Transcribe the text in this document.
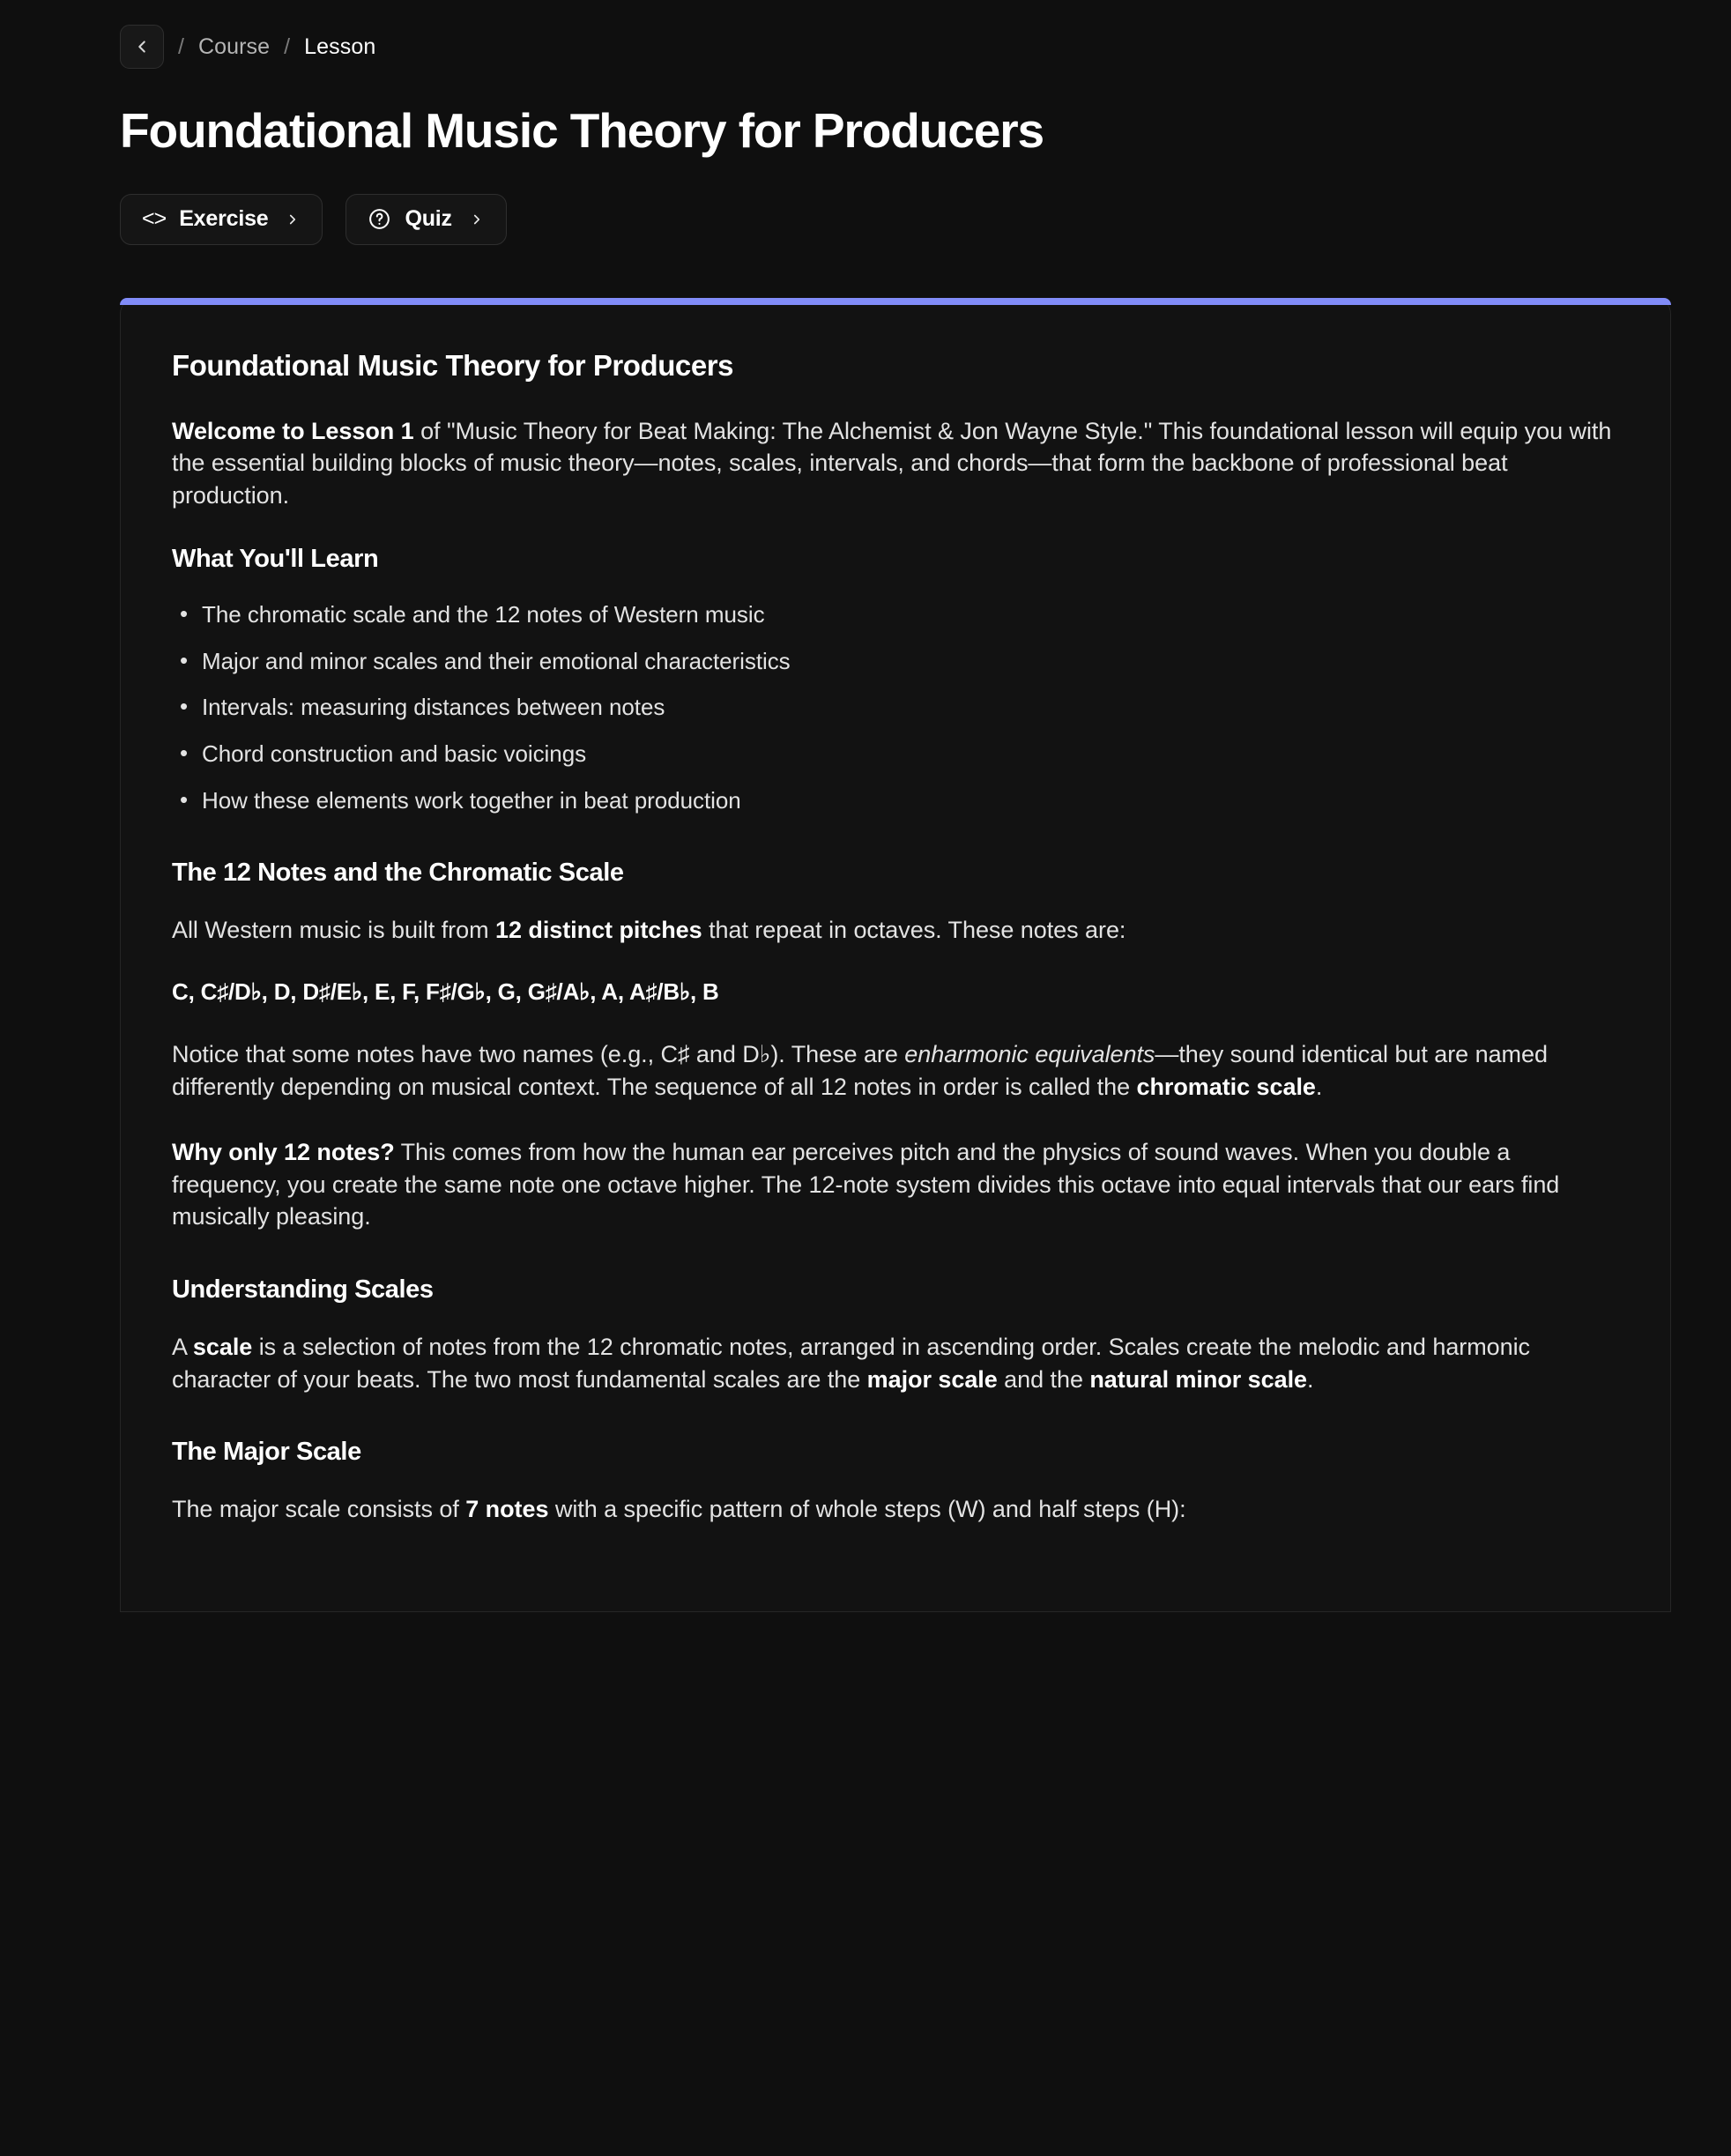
/ Course / Lesson
Foundational Music Theory for Producers
<> Exercise	Quiz
Foundational Music Theory for Producers

Welcome to Lesson 1 of "Music Theory for Beat Making: The Alchemist & Jon Wayne Style." This foundational lesson will equip you with the essential building blocks of music theory—notes, scales, intervals, and chords—that form the backbone of professional beat production.

What You'll Learn
• The chromatic scale and the 12 notes of Western music
• Major and minor scales and their emotional characteristics
• Intervals: measuring distances between notes
• Chord construction and basic voicings
• How these elements work together in beat production
The 12 Notes and the Chromatic Scale

All Western music is built from 12 distinct pitches that repeat in octaves. These notes are:

C, C♯/D♭, D, D♯/E♭, E, F, F♯/G♭, G, G♯/A♭, A, A♯/B♭, B

Notice that some notes have two names (e.g., C♯ and D♭). These are enharmonic equivalents—they sound identical but are named differently depending on musical context. The sequence of all 12 notes in order is called the chromatic scale.

Why only 12 notes? This comes from how the human ear perceives pitch and the physics of sound waves. When you double a frequency, you create the same note one octave higher. The 12-note system divides this octave into equal intervals that our ears find musically pleasing.

Understanding Scales

A scale is a selection of notes from the 12 chromatic notes, arranged in ascending order. Scales create the melodic and harmonic character of your beats. The two most fundamental scales are the major scale and the natural minor scale.

The Major Scale

The major scale consists of 7 notes with a specific pattern of whole steps (W) and half steps (H):
